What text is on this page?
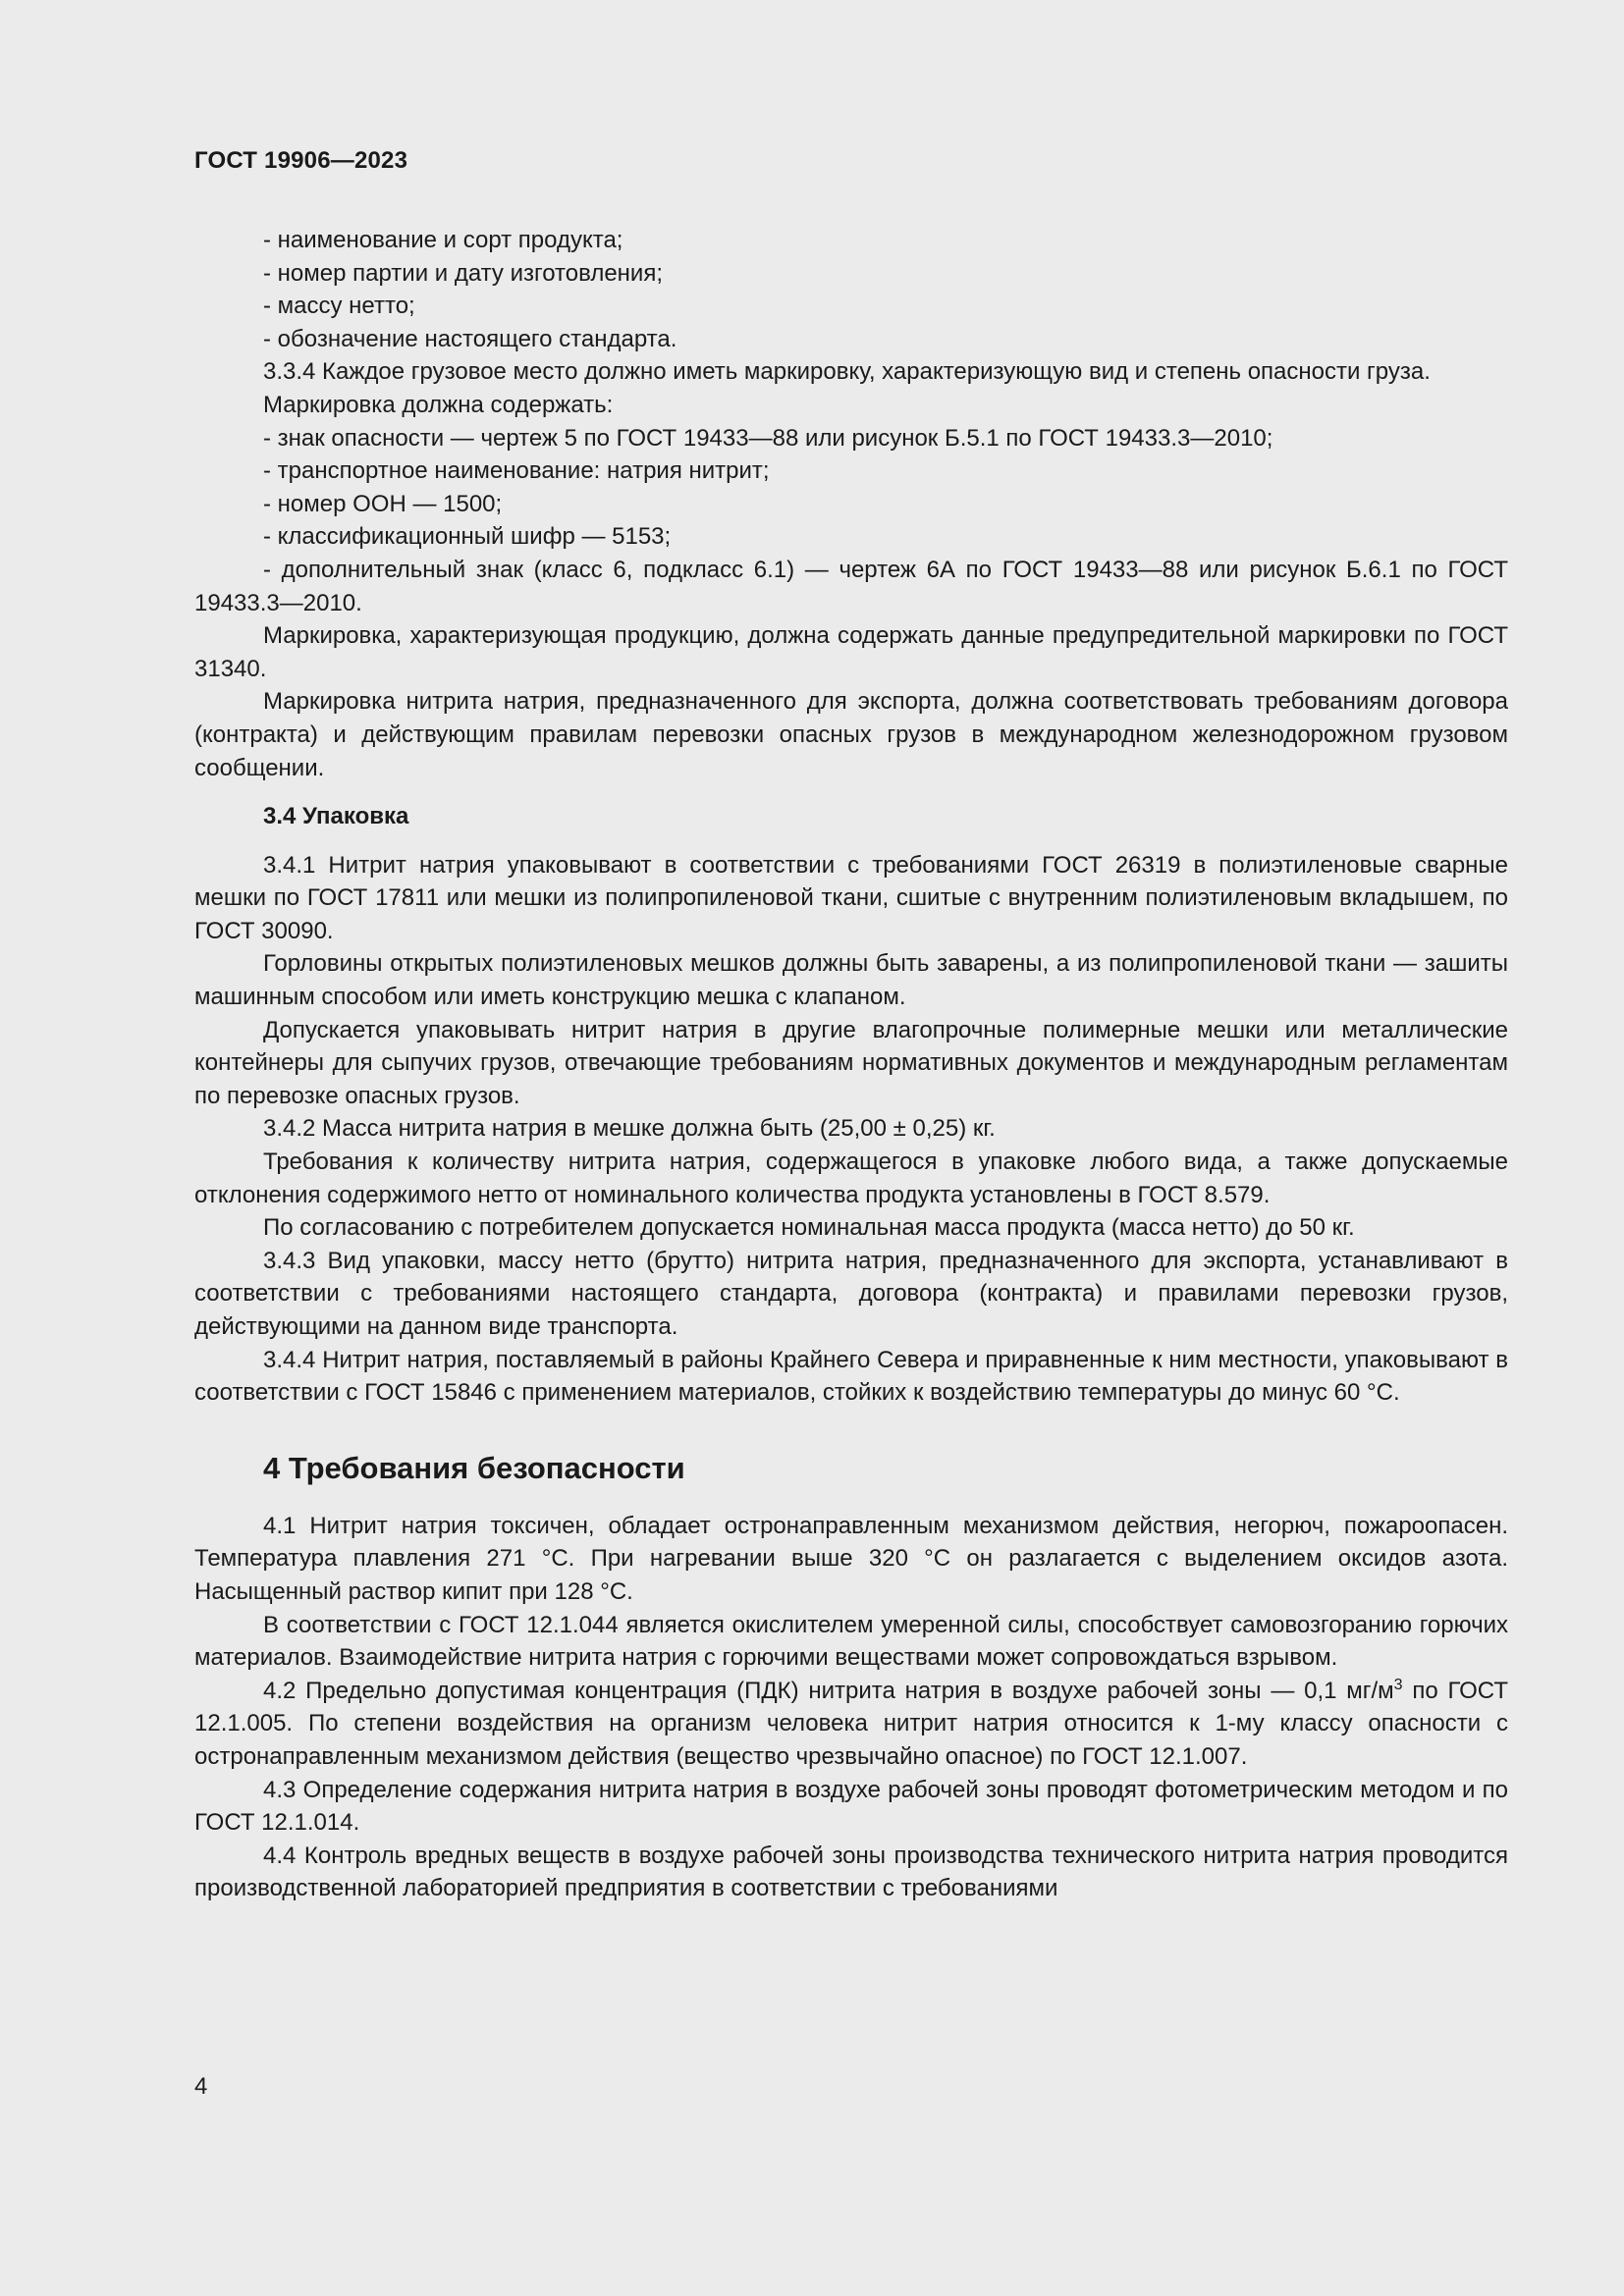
ГОСТ 19906—2023

- наименование и сорт продукта;

- номер партии и дату изготовления;

- массу нетто;

- обозначение настоящего стандарта.

3.3.4 Каждое грузовое место должно иметь маркировку, характеризующую вид и степень опасности груза.

Маркировка должна содержать:

- знак опасности — чертеж 5 по ГОСТ 19433—88 или рисунок Б.5.1 по ГОСТ 19433.3—2010;

- транспортное наименование: натрия нитрит;

- номер ООН — 1500;

- классификационный шифр — 5153;

- дополнительный знак (класс 6, подкласс 6.1) — чертеж 6А по ГОСТ 19433—88 или рисунок Б.6.1 по ГОСТ 19433.3—2010.

Маркировка, характеризующая продукцию, должна содержать данные предупредительной маркировки по ГОСТ 31340.

Маркировка нитрита натрия, предназначенного для экспорта, должна соответствовать требованиям договора (контракта) и действующим правилам перевозки опасных грузов в международном железнодорожном грузовом сообщении.

3.4 Упаковка

3.4.1 Нитрит натрия упаковывают в соответствии с требованиями ГОСТ 26319 в полиэтиленовые сварные мешки по ГОСТ 17811 или мешки из полипропиленовой ткани, сшитые с внутренним полиэтиленовым вкладышем, по ГОСТ 30090.

Горловины открытых полиэтиленовых мешков должны быть заварены, а из полипропиленовой ткани — зашиты машинным способом или иметь конструкцию мешка с клапаном.

Допускается упаковывать нитрит натрия в другие влагопрочные полимерные мешки или металлические контейнеры для сыпучих грузов, отвечающие требованиям нормативных документов и международным регламентам по перевозке опасных грузов.

3.4.2 Масса нитрита натрия в мешке должна быть (25,00 ± 0,25) кг.

Требования к количеству нитрита натрия, содержащегося в упаковке любого вида, а также допускаемые отклонения содержимого нетто от номинального количества продукта установлены в ГОСТ 8.579.

По согласованию с потребителем допускается номинальная масса продукта (масса нетто) до 50 кг.

3.4.3 Вид упаковки, массу нетто (брутто) нитрита натрия, предназначенного для экспорта, устанавливают в соответствии с требованиями настоящего стандарта, договора (контракта) и правилами перевозки грузов, действующими на данном виде транспорта.

3.4.4 Нитрит натрия, поставляемый в районы Крайнего Севера и приравненные к ним местности, упаковывают в соответствии с ГОСТ 15846 с применением материалов, стойких к воздействию температуры до минус 60 °С.

4 Требования безопасности

4.1 Нитрит натрия токсичен, обладает остронаправленным механизмом действия, негорюч, пожароопасен. Температура плавления 271 °С. При нагревании выше 320 °С он разлагается с выделением оксидов азота. Насыщенный раствор кипит при 128 °С.

В соответствии с ГОСТ 12.1.044 является окислителем умеренной силы, способствует самовозгоранию горючих материалов. Взаимодействие нитрита натрия с горючими веществами может сопровождаться взрывом.

4.2 Предельно допустимая концентрация (ПДК) нитрита натрия в воздухе рабочей зоны — 0,1 $мг/м^3$ по ГОСТ 12.1.005. По степени воздействия на организм человека нитрит натрия относится к 1-му классу опасности с остронаправленным механизмом действия (вещество чрезвычайно опасное) по ГОСТ 12.1.007.

4.3 Определение содержания нитрита натрия в воздухе рабочей зоны проводят фотометрическим методом и по ГОСТ 12.1.014.

4.4 Контроль вредных веществ в воздухе рабочей зоны производства технического нитрита натрия проводится производственной лабораторией предприятия в соответствии с требованиями

4
